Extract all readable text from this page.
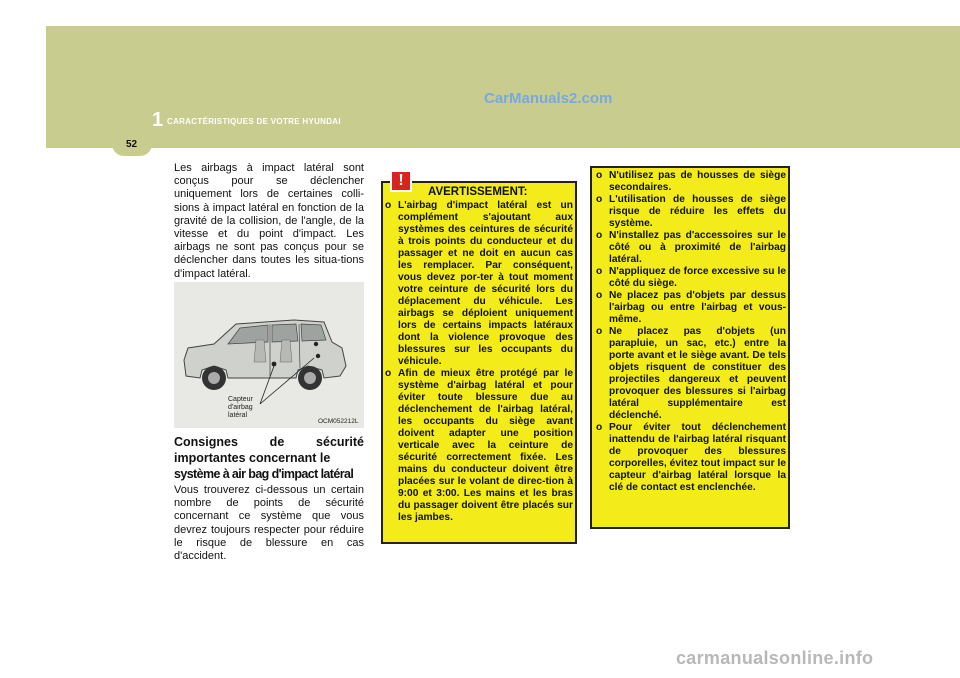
1 CARACTÉRISTIQUES DE VOTRE HYUNDAI
CarManuals2.com
52
Les airbags à impact latéral sont conçus pour se déclencher uniquement lors de certaines colli-sions à impact latéral en fonction de la gravité de la collision, de l'angle, de la vitesse et du point d'impact. Les airbags ne sont pas conçus pour se déclencher dans toutes les situa-tions d'impact latéral.
Capteur
d'airbag
latéral
OCM052212L
Consignes de sécurité importantes concernant le
système à air bag d'impact latéral
Vous trouverez ci-dessous un certain nombre de points de sécurité concernant ce système que vous devrez toujours respecter pour réduire le risque de blessure en cas d'accident.
!
AVERTISSEMENT:
o L'airbag d'impact latéral est un complément s'ajoutant aux systèmes des ceintures de sécurité à trois points du conducteur et du passager et ne doit en aucun cas les remplacer. Par conséquent, vous devez por-ter à tout moment votre ceinture de sécurité lors du déplacement du véhicule. Les airbags se déploient uniquement lors de certains impacts latéraux dont la violence provoque des blessures sur les occupants du véhicule.
o Afin de mieux être protégé par le système d'airbag latéral et pour éviter toute blessure due au déclenchement de l'airbag latéral, les occupants du siège avant doivent adapter une position verticale avec la ceinture de sécurité correctement fixée. Les mains du conducteur doivent être placées sur le volant de direc-tion à 9:00 et 3:00. Les mains et les bras du passager doivent être placés sur les jambes.
o N'utilisez pas de housses de siège secondaires.
o L'utilisation de housses de siège risque de réduire les effets du système.
o N'installez pas d'accessoires sur le côté ou à proximité de l'airbag latéral.
o N'appliquez de force excessive su le côté du siège.
o Ne placez pas d'objets par dessus l'airbag ou entre l'airbag et vous-même.
o Ne placez pas d'objets (un parapluie, un sac, etc.) entre la porte avant et le siège avant. De tels objets risquent de constituer des projectiles dangereux et peuvent provoquer des blessures si l'airbag latéral supplémentaire est déclenché.
o Pour éviter tout déclenchement inattendu de l'airbag latéral risquant de provoquer des blessures corporelles, évitez tout impact sur le capteur d'airbag latéral lorsque la clé de contact est enclenchée.
carmanualsonline.info
